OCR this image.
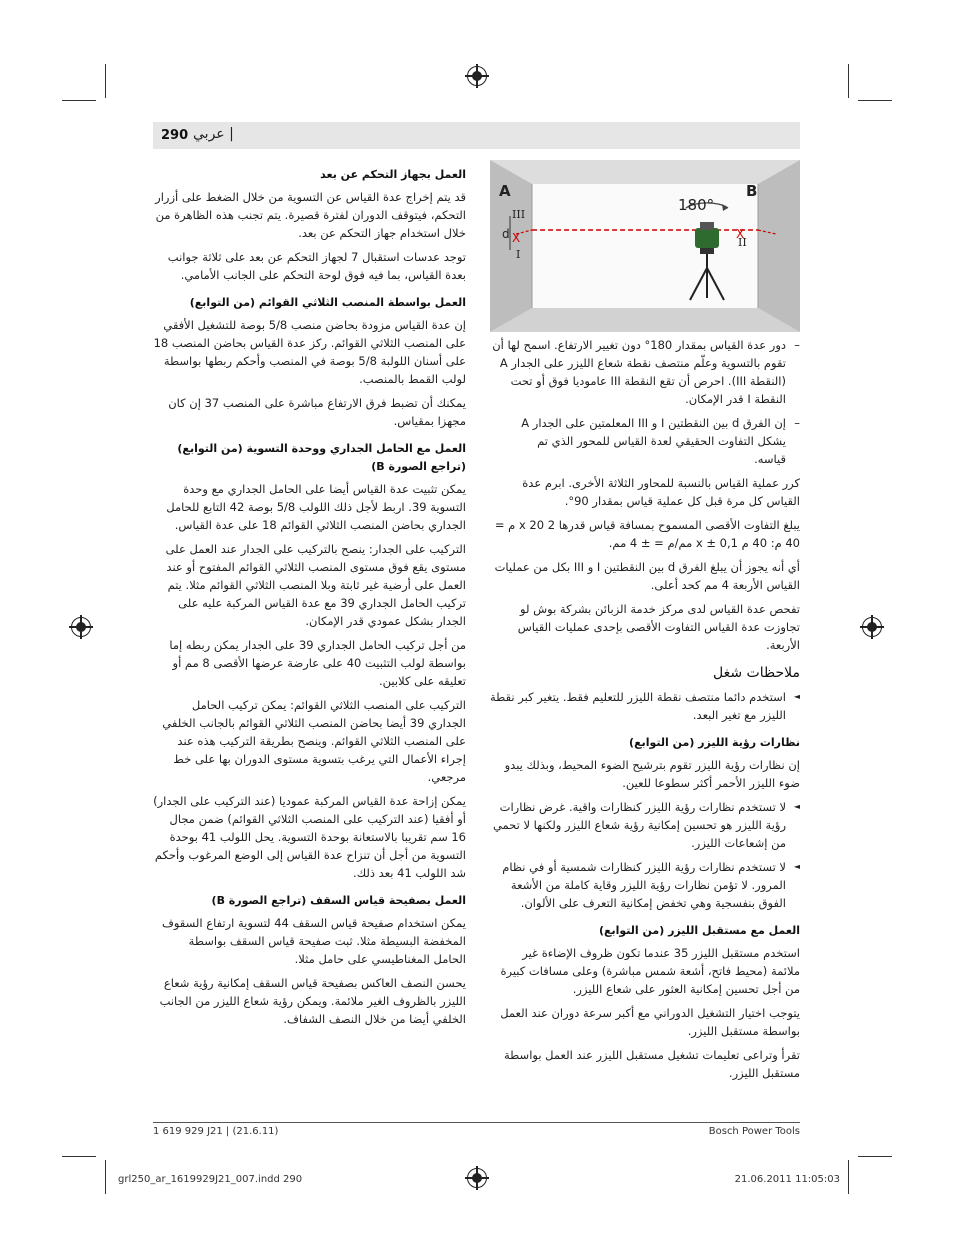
290 عربي |
X	X
A	B
180°
III
d
I
II

العمل بجهاز التحكم عن بعد

قد يتم إخراج عدة القياس عن التسوية من خلال الضغط على أزرار التحكم، فيتوقف الدوران لفترة قصيرة. يتم تجنب هذه الظاهرة من خلال استخدام جهاز التحكم عن بعد.

توجد عدسات استقبال 7 لجهاز التحكم عن بعد على ثلاثة جوانب بعدة القياس، بما فيه فوق لوحة التحكم على الجانب الأمامي.

العمل بواسطة المنصب الثلاثي القوائم (من التوابع)

إن عدة القياس مزودة بحاضن منصب 5/8 بوصة للتشغيل الأفقي على المنصب الثلاثي القوائم. ركز عدة القياس بحاضن المنصب 18 على أسنان اللولبة 5/8 بوصة في المنصب وأحكم ربطها بواسطة لولب القمط بالمنصب.

يمكنك أن تضبط فرق الارتفاع مباشرة على المنصب 37 إن كان مجهزا بمقياس.

العمل مع الحامل الجداري ووحدة التسوية (من التوابع) (تراجع الصورة B)

يمكن تثبيت عدة القياس أيضا على الحامل الجداري مع وحدة التسوية 39. اربط لأجل ذلك اللولب 5/8 بوصة 42 التابع للحامل الجداري بحاضن المنصب الثلاثي القوائم 18 على عدة القياس.

التركيب على الجدار: ينصح بالتركيب على الجدار عند العمل على مستوى يقع فوق مستوى المنصب الثلاثي القوائم المفتوح أو عند العمل على أرضية غير ثابتة وبلا المنصب الثلاثي القوائم مثلا. يتم تركيب الحامل الجداري 39 مع عدة القياس المركبة عليه على الجدار بشكل عمودي قدر الإمكان.

من أجل تركيب الحامل الجداري 39 على الجدار يمكن ربطه إما بواسطة لولب التثبيت 40 على عارضة عرضها الأقصى 8 مم أو تعليقه على كلابين.

التركيب على المنصب الثلاثي القوائم: يمكن تركيب الحامل الجداري 39 أيضا بحاضن المنصب الثلاثي القوائم بالجانب الخلفي على المنصب الثلاثي القوائم. وينصح بطريقة التركيب هذه عند إجراء الأعمال التي يرغب بتسوية مستوى الدوران بها على خط مرجعي.

يمكن إزاحة عدة القياس المركبة عموديا (عند التركيب على الجدار) أو أفقيا (عند التركيب على المنصب الثلاثي القوائم) ضمن مجال 16 سم تقريبا بالاستعانة بوحدة التسوية. يحل اللولب 41 بوحدة التسوية من أجل أن تنزاح عدة القياس إلى الوضع المرغوب وأحكم شد اللولب 41 بعد ذلك.

العمل بصفيحة قياس السقف (تراجع الصورة B)

يمكن استخدام صفيحة قياس السقف 44 لتسوية ارتفاع السقوف المخفضة البسيطة مثلا. ثبت صفيحة قياس السقف بواسطة الحامل المغناطيسي على حامل مثلا.

يحسن النصف العاكس بصفيحة قياس السقف إمكانية رؤية شعاع الليزر بالظروف الغير ملائمة. ويمكن رؤية شعاع الليزر من الجانب الخلفي أيضا من خلال النصف الشفاف.

– دور عدة القياس بمقدار 180° دون تغيير الارتفاع. اسمح لها أن تقوم بالتسوية وعلّم منتصف نقطة شعاع الليزر على الجدار A (النقطة III). احرص أن تقع النقطة III عاموديا فوق أو تحت النقطة I قدر الإمكان.

– إن الفرق d بين النقطتين I و III المعلمتين على الجدار A يشكل التفاوت الحقيقي لعدة القياس للمحور الذي تم قياسه.

كرر عملية القياس بالنسبة للمحاور الثلاثة الأخرى. ابرم عدة القياس كل مرة قبل كل عملية قياس بمقدار 90°.

يبلغ التفاوت الأقصى المسموح بمسافة قياس قدرها 2 x 20 م = 40 م: 40 م x ± 0,1 مم/م = ± 4 مم.

أي أنه يجوز أن يبلغ الفرق d بين النقطتين I و III بكل من عمليات القياس الأربعة 4 مم كحد أعلى.

تفحص عدة القياس لدى مركز خدمة الزبائن بشركة بوش لو تجاوزت عدة القياس التفاوت الأقصى بإحدى عمليات القياس الأربعة.

ملاحظات شغل

◄ استخدم دائما منتصف نقطة الليزر للتعليم فقط. يتغير كبر نقطة الليزر مع تغير البعد.

نظارات رؤية الليزر (من التوابع)

إن نظارات رؤية الليزر تقوم بترشيح الضوء المحيط، وبذلك يبدو ضوء الليزر الأحمر أكثر سطوعا للعين.

◄ لا تستخدم نظارات رؤية الليزر كنظارات واقية. غرض نظارات رؤية الليزر هو تحسين إمكانية رؤية شعاع الليزر ولكنها لا تحمي من إشعاعات الليزر.

◄ لا تستخدم نظارات رؤية الليزر كنظارات شمسية أو في نظام المرور. لا تؤمن نظارات رؤية الليزر وقاية كاملة من الأشعة الفوق بنفسجية وهي تخفض إمكانية التعرف على الألوان.

العمل مع مستقبل الليزر (من التوابع)

استخدم مستقبل الليزر 35 عندما تكون ظروف الإضاءة غير ملائمة (محيط فاتح، أشعة شمس مباشرة) وعلى مسافات كبيرة من أجل تحسين إمكانية العثور على شعاع الليزر.

يتوجب اختيار التشغيل الدوراني مع أكبر سرعة دوران عند العمل بواسطة مستقبل الليزر.

تقرأ وتراعى تعليمات تشغيل مستقبل الليزر عند العمل بواسطة مستقبل الليزر.

1 619 929 J21 | (21.6.11)	Bosch Power Tools
grl250_ar_1619929J21_007.indd 290	21.06.2011 11:05:03
